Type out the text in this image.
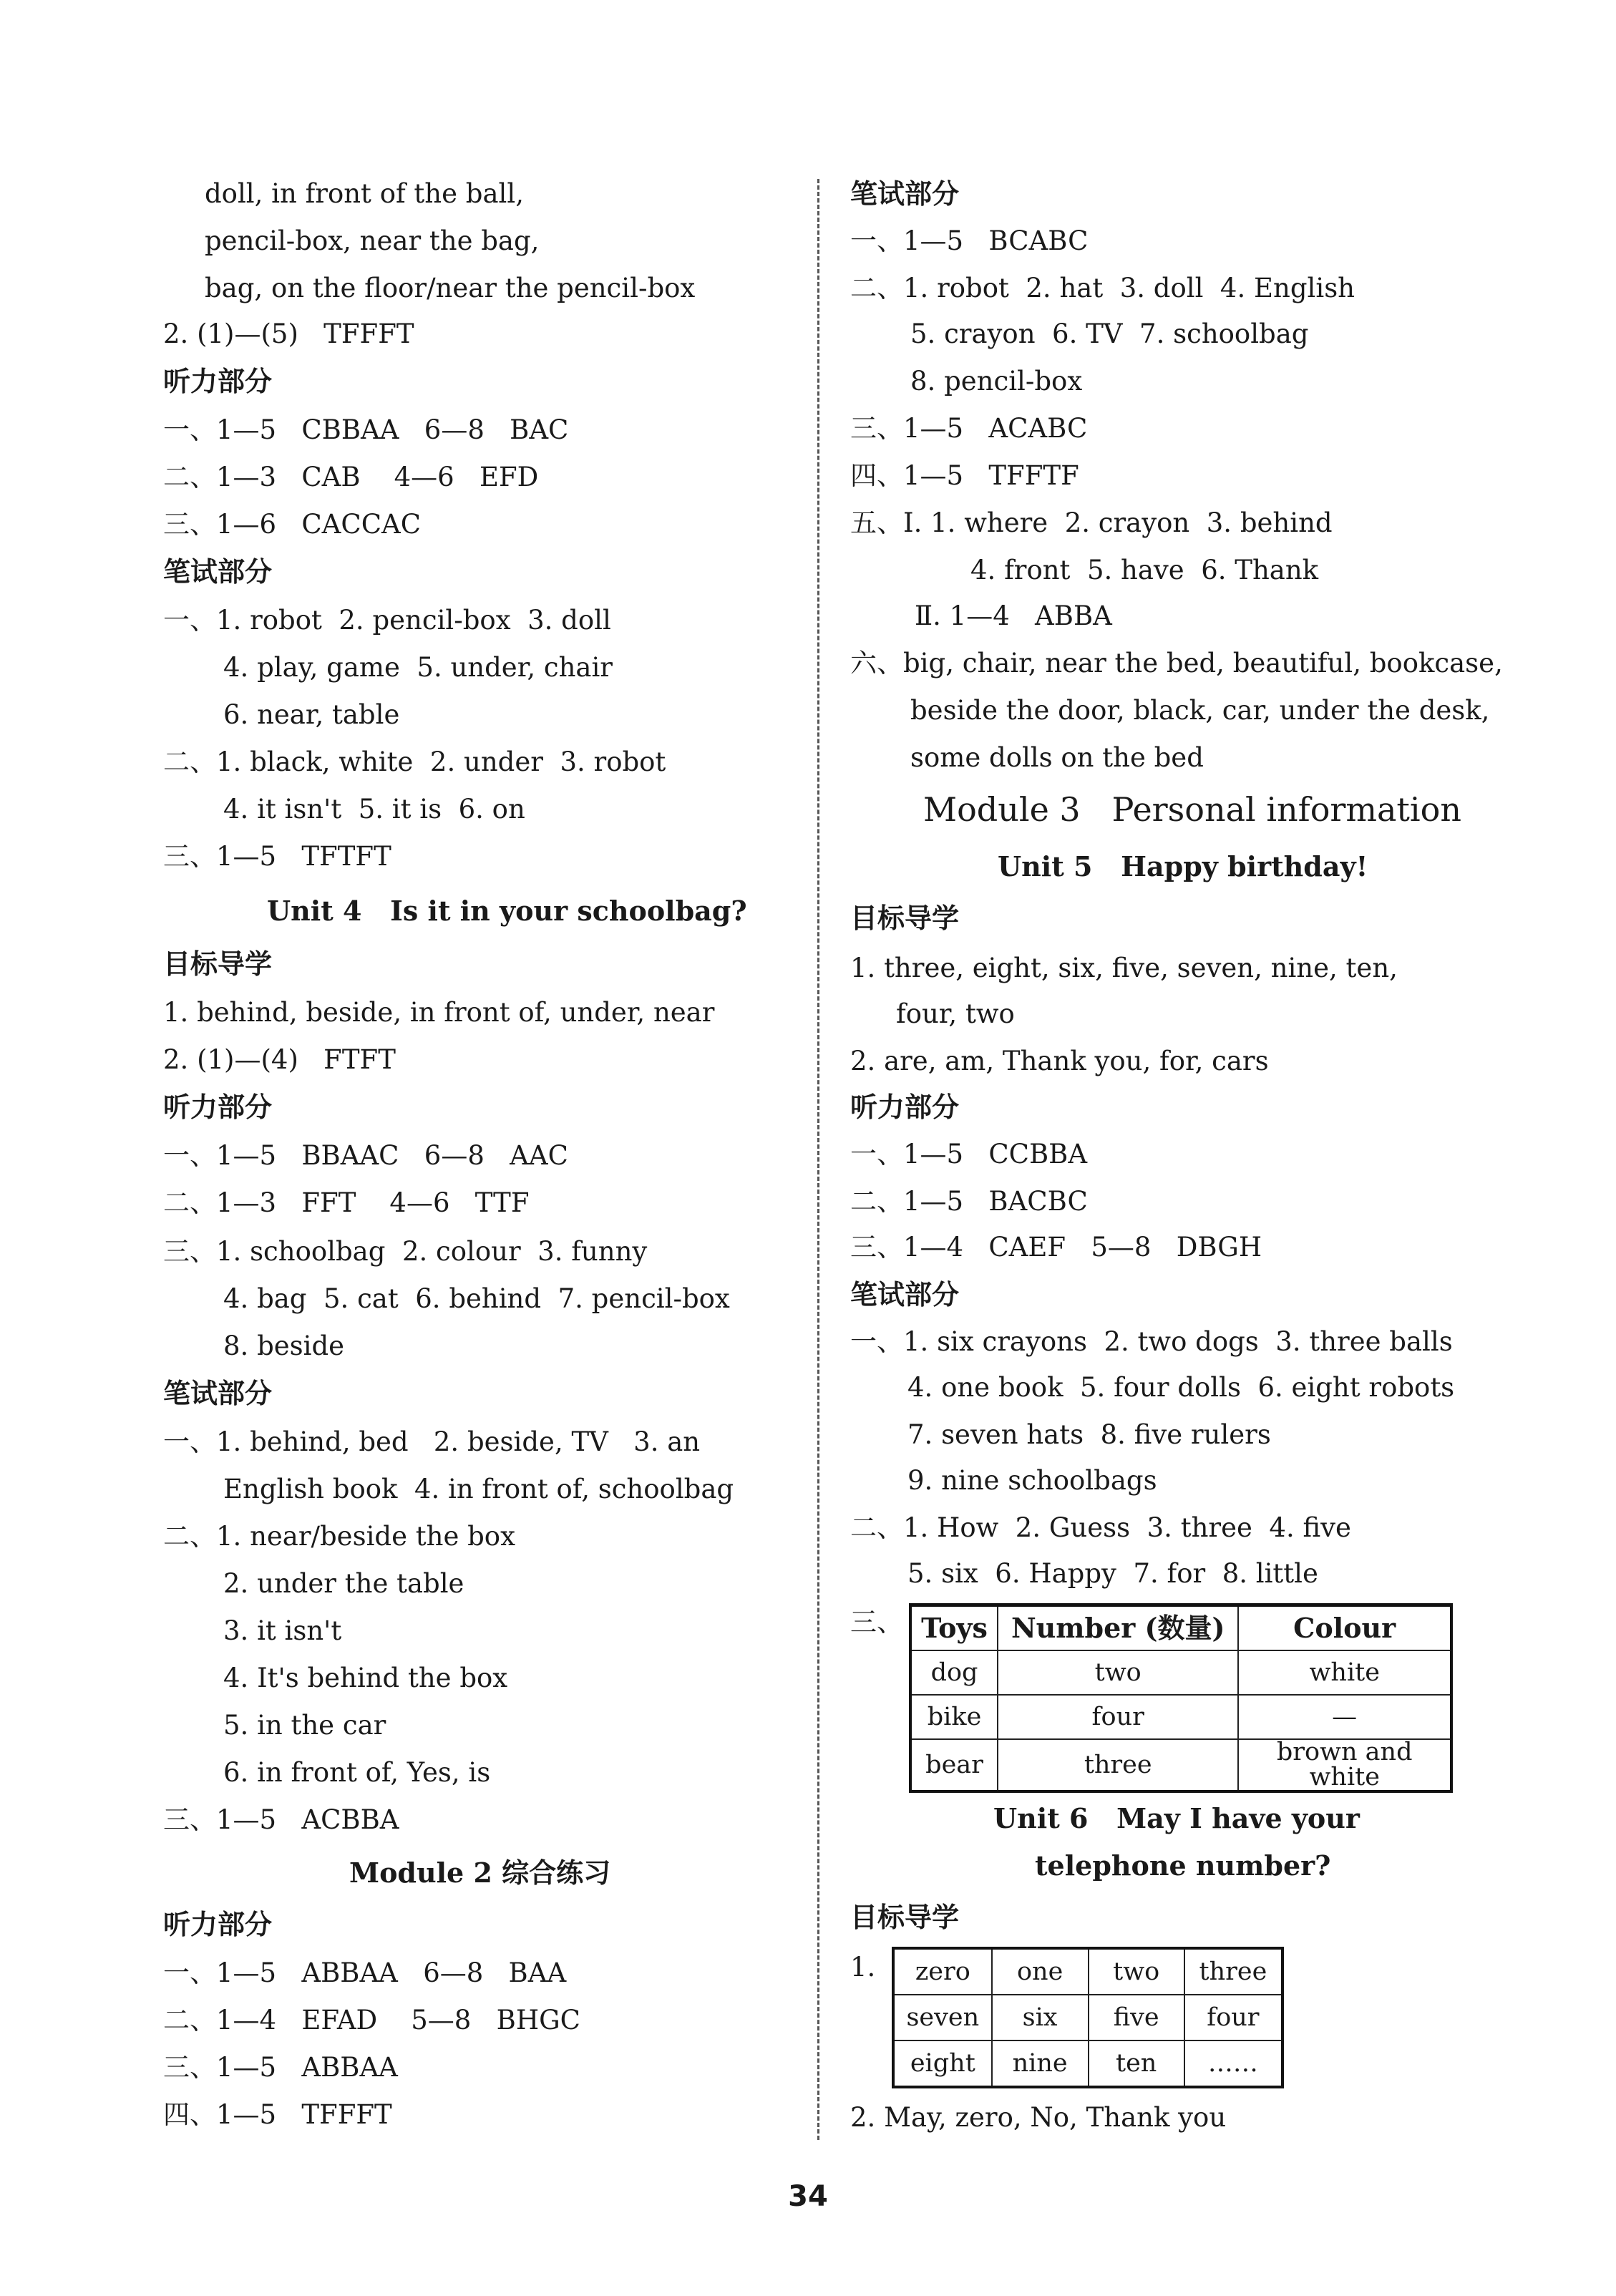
doll, in front of the ball,
pencil-box, near the bag,
bag, on the floor/near the pencil-box
2. (1)—(5)   TFFFT
听力部分
一、1—5   CBBAA   6—8   BAC
二、1—3   CAB    4—6   EFD
三、1—6   CACCAC
笔试部分
一、1. robot  2. pencil-box  3. doll
4. play, game  5. under, chair
6. near, table
二、1. black, white  2. under  3. robot
4. it isn't  5. it is  6. on
三、1—5   TFTFT
Unit 4   Is it in your schoolbag?
目标导学
1. behind, beside, in front of, under, near
2. (1)—(4)   FTFT
听力部分
一、1—5   BBAAC   6—8   AAC
二、1—3   FFT    4—6   TTF
三、1. schoolbag  2. colour  3. funny
4. bag  5. cat  6. behind  7. pencil-box
8. beside
笔试部分
一、1. behind, bed   2. beside, TV   3. an
English book  4. in front of, schoolbag
二、1. near/beside the box
2. under the table
3. it isn't
4. It's behind the box
5. in the car
6. in front of, Yes, is
三、1—5   ACBBA
Module 2 综合练习
听力部分
一、1—5   ABBAA   6—8   BAA
二、1—4   EFAD    5—8   BHGC
三、1—5   ABBAA
四、1—5   TFFFT
笔试部分
一、1—5   BCABC
二、1. robot  2. hat  3. doll  4. English
5. crayon  6. TV  7. schoolbag
8. pencil-box
三、1—5   ACABC
四、1—5   TFFTF
五、Ⅰ. 1. where  2. crayon  3. behind
4. front  5. have  6. Thank
Ⅱ. 1—4   ABBA
六、big, chair, near the bed, beautiful, bookcase,
beside the door, black, car, under the desk,
some dolls on the bed
Module 3   Personal information
Unit 5   Happy birthday!
目标导学
1. three, eight, six, five, seven, nine, ten,
four, two
2. are, am, Thank you, for, cars
听力部分
一、1—5   CCBBA
二、1—5   BACBC
三、1—4   CAEF   5—8   DBGH
笔试部分
一、1. six crayons  2. two dogs  3. three balls
4. one book  5. four dolls  6. eight robots
7. seven hats  8. five rulers
9. nine schoolbags
二、1. How  2. Guess  3. three  4. five
5. six  6. Happy  7. for  8. little
三、 Toys	Number (数量)	Colour
dog	two	white
bike	four	—
bear	three	brown and white
Unit 6   May I have your
telephone number?
目标导学
1. zero	one	two	three
seven	six	five	four
eight	nine	ten	……
2. May, zero, No, Thank you
34
